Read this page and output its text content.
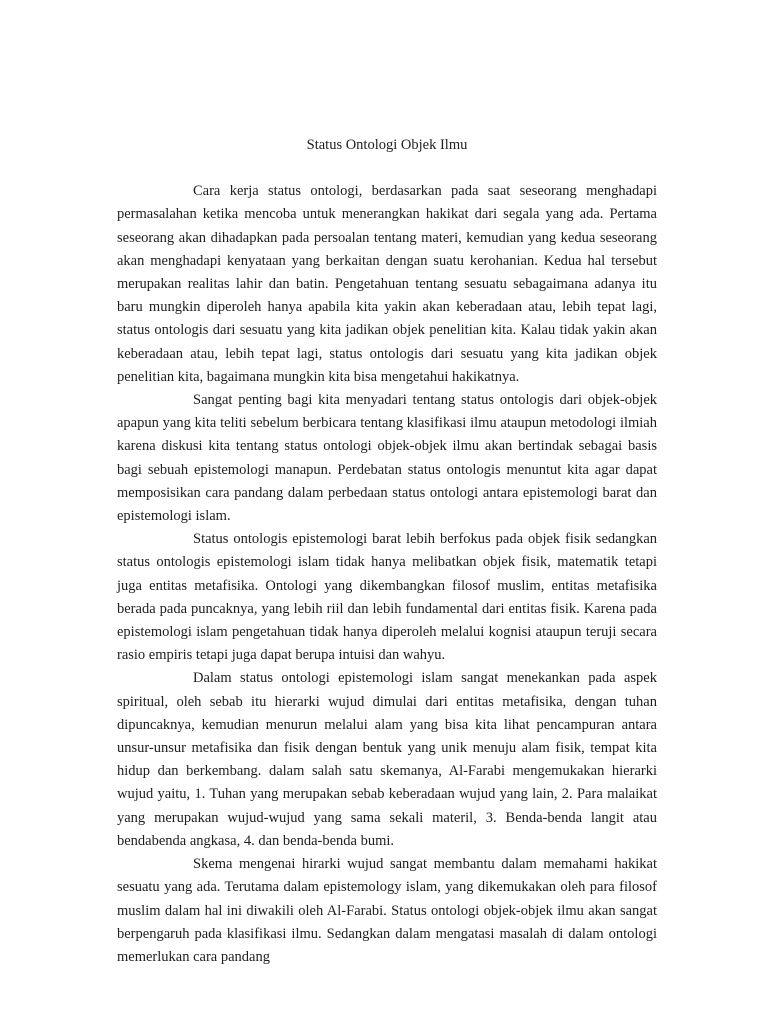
Status Ontologi Objek Ilmu

Cara kerja status ontologi, berdasarkan pada saat seseorang menghadapi permasalahan ketika mencoba untuk menerangkan hakikat dari segala yang ada. Pertama seseorang akan dihadapkan pada persoalan tentang materi, kemudian yang kedua seseorang akan menghadapi kenyataan yang berkaitan dengan suatu kerohanian. Kedua hal tersebut merupakan realitas lahir dan batin. Pengetahuan tentang sesuatu sebagaimana adanya itu baru mungkin diperoleh hanya apabila kita yakin akan keberadaan atau, lebih tepat lagi, status ontologis dari sesuatu yang kita jadikan objek penelitian kita. Kalau tidak yakin akan keberadaan atau, lebih tepat lagi, status ontologis dari sesuatu yang kita jadikan objek penelitian kita, bagaimana mungkin kita bisa mengetahui hakikatnya.

Sangat penting bagi kita menyadari tentang status ontologis dari objek-objek apapun yang kita teliti sebelum berbicara tentang klasifikasi ilmu ataupun metodologi ilmiah karena diskusi kita tentang status ontologi objek-objek ilmu akan bertindak sebagai basis bagi sebuah epistemologi manapun. Perdebatan status ontologis menuntut kita agar dapat memposisikan cara pandang dalam perbedaan status ontologi antara epistemologi barat dan epistemologi islam.

Status ontologis epistemologi barat lebih berfokus pada objek fisik sedangkan status ontologis epistemologi islam tidak hanya melibatkan objek fisik, matematik tetapi juga entitas metafisika. Ontologi yang dikembangkan filosof muslim, entitas metafisika berada pada puncaknya, yang lebih riil dan lebih fundamental dari entitas fisik. Karena pada epistemologi islam pengetahuan tidak hanya diperoleh melalui kognisi ataupun teruji secara rasio empiris tetapi juga dapat berupa intuisi dan wahyu.

Dalam status ontologi epistemologi islam sangat menekankan pada aspek spiritual, oleh sebab itu hierarki wujud dimulai dari entitas metafisika, dengan tuhan dipuncaknya, kemudian menurun melalui alam yang bisa kita lihat pencampuran antara unsur-unsur metafisika dan fisik dengan bentuk yang unik menuju alam fisik, tempat kita hidup dan berkembang. dalam salah satu skemanya, Al-Farabi mengemukakan hierarki wujud yaitu, 1. Tuhan yang merupakan sebab keberadaan wujud yang lain, 2. Para malaikat yang merupakan wujud-wujud yang sama sekali materil, 3. Benda-benda langit atau bendabenda angkasa, 4. dan benda-benda bumi.

Skema mengenai hirarki wujud sangat membantu dalam memahami hakikat sesuatu yang ada. Terutama dalam epistemology islam, yang dikemukakan oleh para filosof muslim dalam hal ini diwakili oleh Al-Farabi. Status ontologi objek-objek ilmu akan sangat berpengaruh pada klasifikasi ilmu. Sedangkan dalam mengatasi masalah di dalam ontologi memerlukan cara pandang
